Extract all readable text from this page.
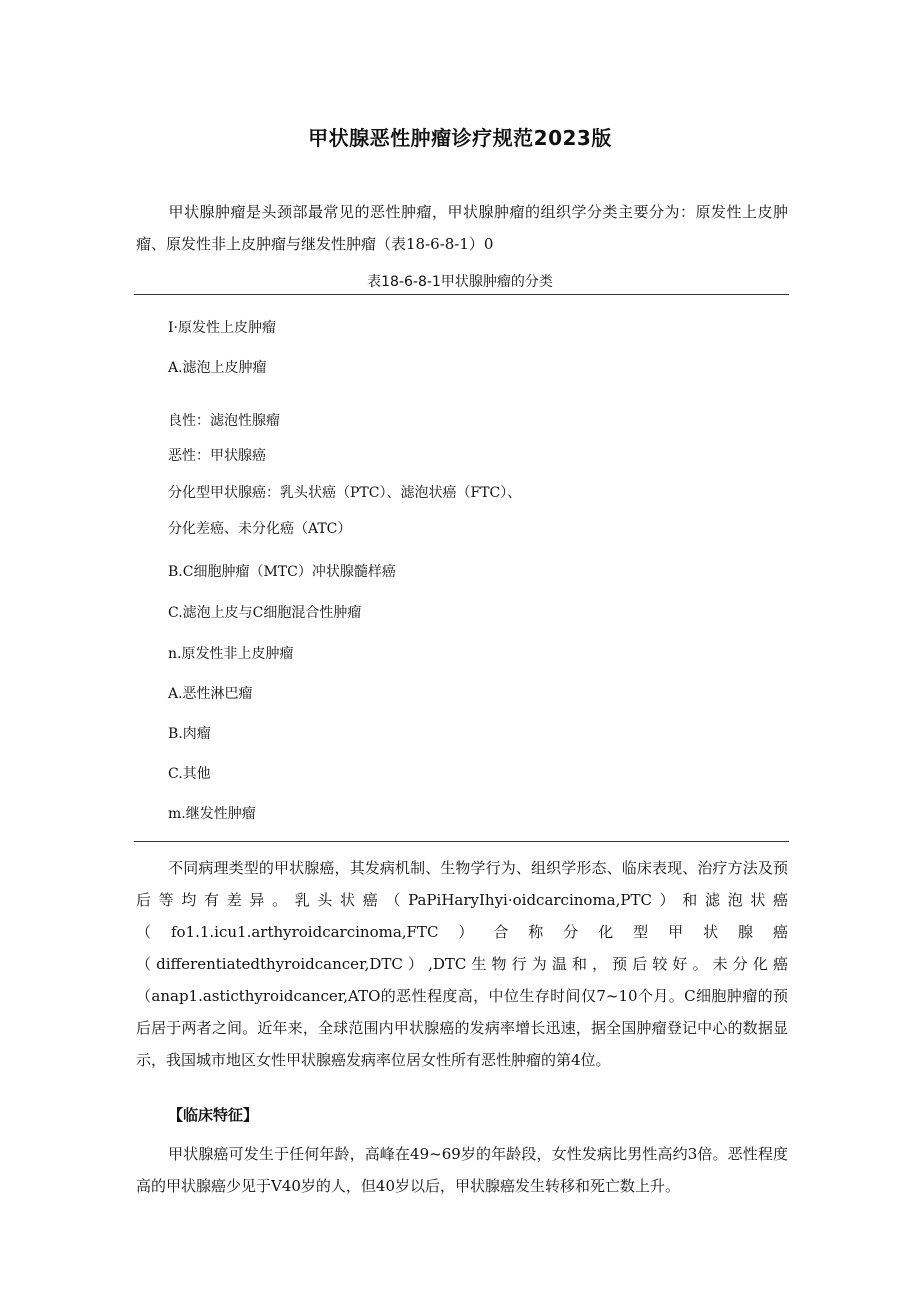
甲状腺恶性肿瘤诊疗规范2023版

甲状腺肿瘤是头颈部最常见的恶性肿瘤，甲状腺肿瘤的组织学分类主要分为：原发性上皮肿瘤、原发性非上皮肿瘤与继发性肿瘤（表18-6-8-1）0

表18-6-8-1甲状腺肿瘤的分类
I·原发性上皮肿瘤
A.滤泡上皮肿瘤
良性：滤泡性腺瘤
恶性：甲状腺癌
分化型甲状腺癌：乳头状癌（PTC）、滤泡状癌（FTC）、
分化差癌、未分化癌（ATC）
B.C细胞肿瘤（MTC）冲状腺髓样癌
C.滤泡上皮与C细胞混合性肿瘤
n.原发性非上皮肿瘤
A.恶性淋巴瘤
B.肉瘤
C.其他
m.继发性肿瘤

不同病理类型的甲状腺癌，其发病机制、生物学行为、组织学形态、临床表现、治疗方法及预后等均有差异。乳头状癌（PaPiHaryIhyi·oidcarcinoma,PTC）和滤泡状癌（fo1.1.icu1.arthyroidcarcinoma,FTC）合称分化型甲状腺癌（differentiatedthyroidcancer,DTC）,DTC生物行为温和，预后较好。未分化癌（anap1.asticthyroidcancer,ATO的恶性程度高，中位生存时间仅7~10个月。C细胞肿瘤的预后居于两者之间。近年来，全球范围内甲状腺癌的发病率增长迅速，据全国肿瘤登记中心的数据显示，我国城市地区女性甲状腺癌发病率位居女性所有恶性肿瘤的第4位。

【临床特征】

甲状腺癌可发生于任何年龄，高峰在49~69岁的年龄段，女性发病比男性高约3倍。恶性程度高的甲状腺癌少见于V40岁的人，但40岁以后，甲状腺癌发生转移和死亡数上升。
